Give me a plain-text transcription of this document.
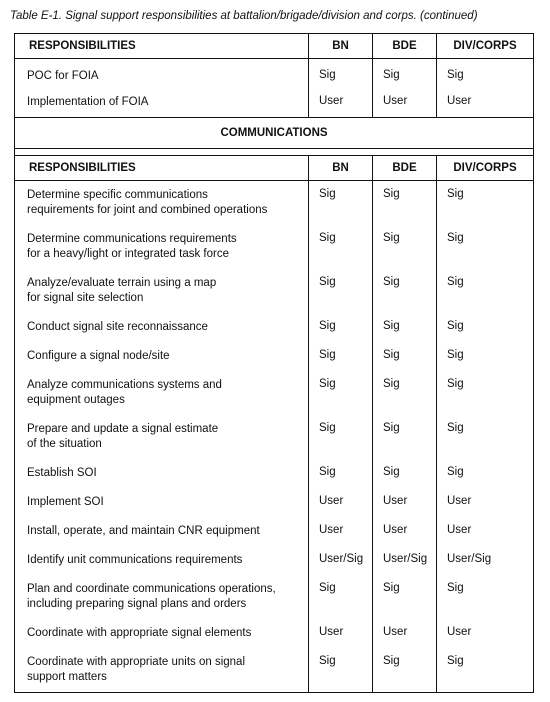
Table E-1. Signal support responsibilities at battalion/brigade/division and corps. (continued)
RESPONSIBILITIES	BN	BDE	DIV/CORPS

POC for FOIA	Sig	Sig	Sig

Implementation of FOIA	User	User	User
COMMUNICATIONS			

RESPONSIBILITIES	BN	BDE	DIV/CORPS

Determine specific communications
requirements for joint and combined operations	Sig	Sig	Sig

Determine communications requirements
for a heavy/light or integrated task force	Sig	Sig	Sig

Analyze/evaluate terrain using a map
for signal site selection	Sig	Sig	Sig

Conduct signal site reconnaissance	Sig	Sig	Sig

Configure a signal node/site	Sig	Sig	Sig

Analyze communications systems and
equipment outages	Sig	Sig	Sig

Prepare and update a signal estimate
of the situation	Sig	Sig	Sig

Establish SOI	Sig	Sig	Sig

Implement SOI	User	User	User

Install, operate, and maintain CNR equipment	User	User	User

Identify unit communications requirements	User/Sig	User/Sig	User/Sig

Plan and coordinate communications operations,
including preparing signal plans and orders	Sig	Sig	Sig

Coordinate with appropriate signal elements	User	User	User

Coordinate with appropriate units on signal
support matters	Sig	Sig	Sig
